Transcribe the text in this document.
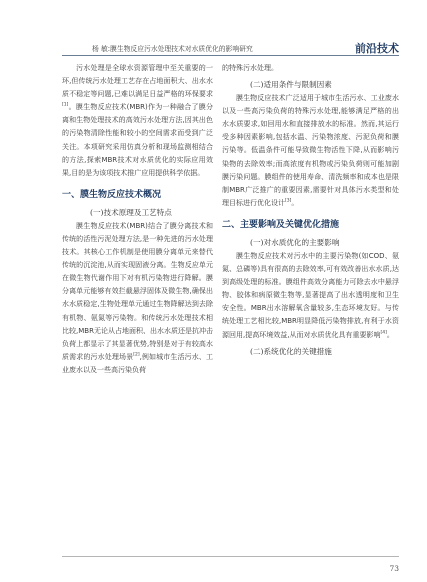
杨 敏:膜生物反应污水处理技术对水质优化的影响研究	前沿技术

污水处理是全球水资源管理中至关重要的一环,但传统污水处理工艺存在占地面积大、出水水质不稳定等问题,已难以满足日益严格的环保要求[1]。膜生物反应技术(MBR)作为一种融合了膜分离和生物处理技术的高效污水处理方法,因其出色的污染物清除性能和较小的空间需求而受到广泛关注。本项研究采用仿真分析和现场监测相结合的方法,探索MBR技术对水质优化的实际应用效果,目的是为该项技术推广应用提供科学依据。

一、膜生物反应技术概况
(一)技术原理及工艺特点

膜生物反应技术(MBR)结合了膜分离技术和传统的活性污泥处理方法,是一种先进的污水处理技术。其核心工作机制是使用膜分离单元来替代传统的沉淀池,从而实现固液分离。生物反应单元在微生物代谢作用下对有机污染物进行降解。膜分离单元能够有效拦截悬浮固体及微生物,确保出水水质稳定,生物处理单元通过生物降解达到去除有机物、氨氮等污染物。和传统污水处理技术相比较,MBR无论从占地面积、出水水质还是抗冲击负荷上都显示了其显著优势,特别是对于有较高水质需求的污水处理场景[2],例如城市生活污水、工业废水以及一些高污染负荷

的特殊污水处理。

(二)适用条件与限制因素

膜生物反应技术广泛适用于城市生活污水、工业废水以及一些高污染负荷的特殊污水处理,能够满足严格的出水水质要求,如回用水和直接排放水的标准。然而,其运行受多种因素影响,包括水温、污染物浓度、污泥负荷和膜污染等。低温条件可能导致微生物活性下降,从而影响污染物的去除效率;而高浓度有机物或污染负荷则可能加剧膜污染问题。膜组件的使用寿命、清洗频率和成本也是限制MBR广泛推广的重要因素,需要针对具体污水类型和处理目标进行优化设计[3]。

二、主要影响及关键优化措施
(一)对水质优化的主要影响

膜生物反应技术对污水中的主要污染物(如COD、氨氮、总磷等)具有很高的去除效率,可有效改善出水水质,达到高级处理的标准。膜组件高效分离能力可除去水中悬浮物、胶体和病原微生物等,显著提高了出水透明度和卫生安全性。MBR出水溶解氧含量较多,生态环境友好。与传统处理工艺相比较,MBR明显降低污染物排放,有利于水资源回用,提高环境效益,从而对水质优化具有重要影响[4]。

(二)系统优化的关键措施
73
